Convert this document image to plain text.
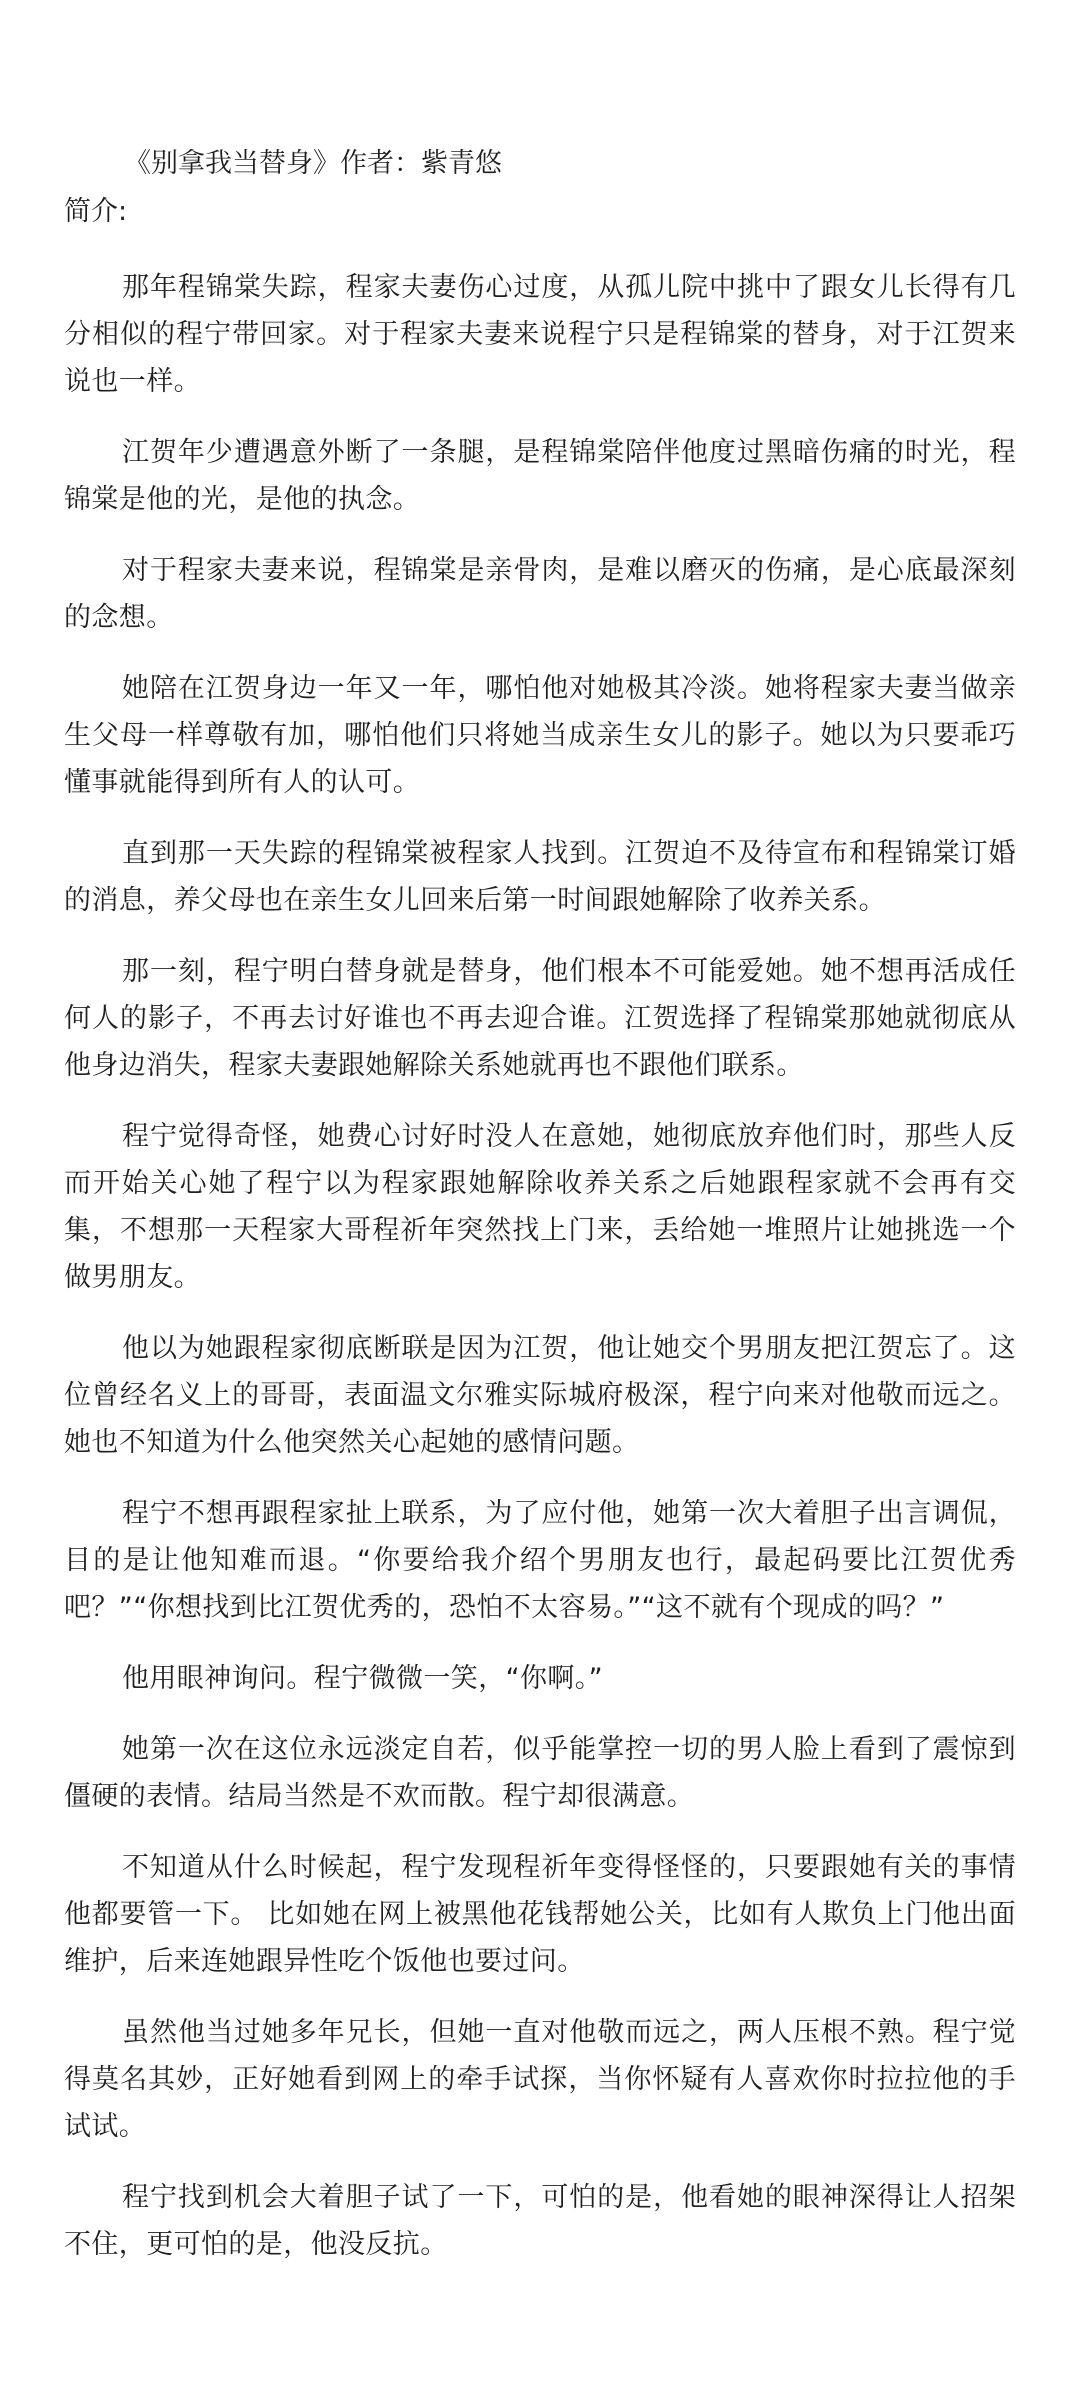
《别拿我当替身》作者：紫青悠

简介:

那年程锦棠失踪，程家夫妻伤心过度，从孤儿院中挑中了跟女儿长得有几分相似的程宁带回家。对于程家夫妻来说程宁只是程锦棠的替身，对于江贺来说也一样。

江贺年少遭遇意外断了一条腿，是程锦棠陪伴他度过黑暗伤痛的时光，程锦棠是他的光，是他的执念。

对于程家夫妻来说，程锦棠是亲骨肉，是难以磨灭的伤痛，是心底最深刻的念想。

她陪在江贺身边一年又一年，哪怕他对她极其冷淡。她将程家夫妻当做亲生父母一样尊敬有加，哪怕他们只将她当成亲生女儿的影子。她以为只要乖巧懂事就能得到所有人的认可。

直到那一天失踪的程锦棠被程家人找到。江贺迫不及待宣布和程锦棠订婚的消息，养父母也在亲生女儿回来后第一时间跟她解除了收养关系。

那一刻，程宁明白替身就是替身，他们根本不可能爱她。她不想再活成任何人的影子，不再去讨好谁也不再去迎合谁。江贺选择了程锦棠那她就彻底从他身边消失，程家夫妻跟她解除关系她就再也不跟他们联系。

程宁觉得奇怪，她费心讨好时没人在意她，她彻底放弃他们时，那些人反而开始关心她了程宁以为程家跟她解除收养关系之后她跟程家就不会再有交集，不想那一天程家大哥程祈年突然找上门来，丢给她一堆照片让她挑选一个做男朋友。

他以为她跟程家彻底断联是因为江贺，他让她交个男朋友把江贺忘了。这位曾经名义上的哥哥，表面温文尔雅实际城府极深，程宁向来对他敬而远之。她也不知道为什么他突然关心起她的感情问题。

程宁不想再跟程家扯上联系，为了应付他，她第一次大着胆子出言调侃，目的是让他知难而退。“你要给我介绍个男朋友也行，最起码要比江贺优秀吧？”“你想找到比江贺优秀的，恐怕不太容易。”“这不就有个现成的吗？”

他用眼神询问。程宁微微一笑，“你啊。”

她第一次在这位永远淡定自若，似乎能掌控一切的男人脸上看到了震惊到僵硬的表情。结局当然是不欢而散。程宁却很满意。

不知道从什么时候起，程宁发现程祈年变得怪怪的，只要跟她有关的事情他都要管一下。 比如她在网上被黑他花钱帮她公关，比如有人欺负上门他出面维护，后来连她跟异性吃个饭他也要过问。

虽然他当过她多年兄长，但她一直对他敬而远之，两人压根不熟。程宁觉得莫名其妙，正好她看到网上的牵手试探，当你怀疑有人喜欢你时拉拉他的手试试。

程宁找到机会大着胆子试了一下，可怕的是，他看她的眼神深得让人招架不住，更可怕的是，他没反抗。
